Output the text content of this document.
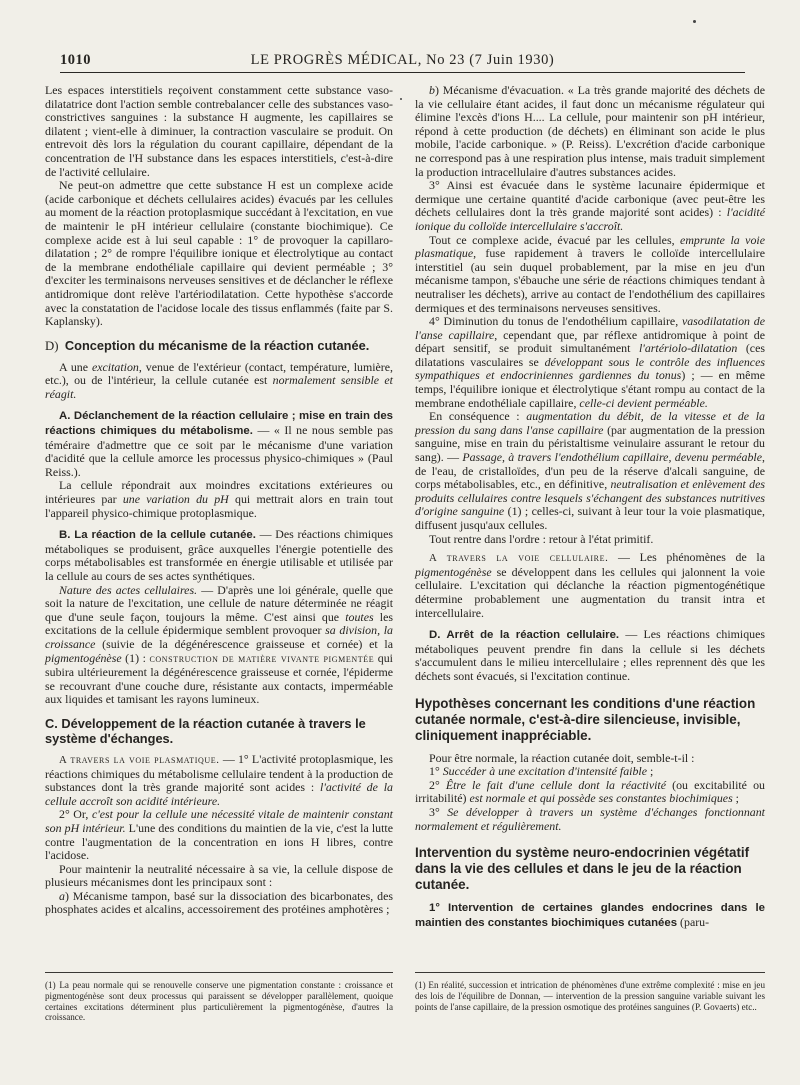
1010	LE PROGRÈS MÉDICAL, No 23 (7 Juin 1930)

Les espaces interstitiels reçoivent constamment cette substance vaso-dilatatrice dont l'action semble contrebalancer celle des substances vaso-constrictives sanguines : la substance H augmente, les capillaires se dilatent ; vient-elle à diminuer, la contraction vasculaire se produit. On entrevoit dès lors la régulation du courant capillaire, dépendant de la concentration de l'H substance dans les espaces interstitiels, c'est-à-dire de l'activité cellulaire.

Ne peut-on admettre que cette substance H est un complexe acide (acide carbonique et déchets cellulaires acides) évacués par les cellules au moment de la réaction protoplasmique succédant à l'excitation, en vue de maintenir le pH intérieur cellulaire (constante biochimique). Ce complexe acide est à lui seul capable : 1° de provoquer la capillaro-dilatation ; 2° de rompre l'équilibre ionique et électrolytique au contact de la membrane endothéliale capillaire qui devient perméable ; 3° d'exciter les terminaisons nerveuses sensitives et de déclancher le réflexe antidromique dont relève l'artériodilatation. Cette hypothèse s'accorde avec la constatation de l'acidose locale des tissus enflammés (faite par S. Kaplansky).

D) Conception du mécanisme de la réaction cutanée.

A une excitation, venue de l'extérieur (contact, température, lumière, etc.), ou de l'intérieur, la cellule cutanée est normalement sensible et réagit.

A. Déclanchement de la réaction cellulaire ; mise en train des réactions chimiques du métabolisme. — « Il ne nous semble pas téméraire d'admettre que ce soit par le mécanisme d'une variation d'acidité que la cellule amorce les processus physico-chimiques » (Paul Reiss.).

La cellule répondrait aux moindres excitations extérieures ou intérieures par une variation du pH qui mettrait alors en train tout l'appareil physico-chimique protoplasmique.

B. La réaction de la cellule cutanée. — Des réactions chimiques métaboliques se produisent, grâce auxquelles l'énergie potentielle des corps métabolisables est transformée en énergie utilisable et utilisée par la cellule au cours de ses actes synthétiques.

Nature des actes cellulaires. — D'après une loi générale, quelle que soit la nature de l'excitation, une cellule de nature déterminée ne réagit que d'une seule façon, toujours la même. C'est ainsi que toutes les excitations de la cellule épidermique semblent provoquer sa division, la croissance (suivie de la dégénérescence graisseuse et cornée) et la pigmentogénèse (1) : construction de matière vivante pigmentée qui subira ultérieurement la dégénérescence graisseuse et cornée, l'épiderme se recouvrant d'une couche dure, résistante aux contacts, imperméable aux liquides et tamisant les rayons lumineux.

C. Développement de la réaction cutanée à travers le système d'échanges.

A travers la voie plasmatique. — 1° L'activité protoplasmique, les réactions chimiques du métabolisme cellulaire tendent à la production de substances dont la très grande majorité sont acides : l'activité de la cellule accroît son acidité intérieure.

2° Or, c'est pour la cellule une nécessité vitale de maintenir constant son pH intérieur. L'une des conditions du maintien de la vie, c'est la lutte contre l'augmentation de la concentration en ions H libres, contre l'acidose.

Pour maintenir la neutralité nécessaire à sa vie, la cellule dispose de plusieurs mécanismes dont les principaux sont :

a) Mécanisme tampon, basé sur la dissociation des bicarbonates, des phosphates acides et alcalins, accessoirement des protéines amphotères ;

b) Mécanisme d'évacuation. « La très grande majorité des déchets de la vie cellulaire étant acides, il faut donc un mécanisme régulateur qui élimine l'excès d'ions H.... La cellule, pour maintenir son pH intérieur, répond à cette production (de déchets) en éliminant son acide le plus mobile, l'acide carbonique. » (P. Reiss). L'excrétion d'acide carbonique ne correspond pas à une respiration plus intense, mais traduit simplement la production intracellulaire d'autres substances acides.

3° Ainsi est évacuée dans le système lacunaire épidermique et dermique une certaine quantité d'acide carbonique (avec peut-être les déchets cellulaires dont la très grande majorité sont acides) : l'acidité ionique du colloïde intercellulaire s'accroît.

Tout ce complexe acide, évacué par les cellules, emprunte la voie plasmatique, fuse rapidement à travers le colloïde intercellulaire interstitiel (au sein duquel probablement, par la mise en jeu d'un mécanisme tampon, s'ébauche une série de réactions chimiques tendant à neutraliser les déchets), arrive au contact de l'endothélium des capillaires dermiques et des terminaisons nerveuses sensitives.

4° Diminution du tonus de l'endothélium capillaire, vasodilatation de l'anse capillaire, cependant que, par réflexe antidromique à point de départ sensitif, se produit simultanément l'artériolo-dilatation (ces dilatations vasculaires se développant sous le contrôle des influences sympathiques et endocriniennes gardiennes du tonus) ; — en même temps, l'équilibre ionique et électrolytique s'étant rompu au contact de la membrane endothéliale capillaire, celle-ci devient perméable.

En conséquence : augmentation du débit, de la vitesse et de la pression du sang dans l'anse capillaire (par augmentation de la pression sanguine, mise en train du péristaltisme veinulaire assurant le retour du sang). — Passage, à travers l'endothélium capillaire, devenu perméable, de l'eau, de cristalloïdes, d'un peu de la réserve d'alcali sanguine, de corps métabolisables, etc., en définitive, neutralisation et enlèvement des produits cellulaires contre lesquels s'échangent des substances nutritives d'origine sanguine (1) ; celles-ci, suivant à leur tour la voie plasmatique, diffusent jusqu'aux cellules.

Tout rentre dans l'ordre : retour à l'état primitif.

A travers la voie cellulaire. — Les phénomènes de la pigmentogénèse se développent dans les cellules qui jalonnent la voie cellulaire. L'excitation qui déclanche la réaction pigmentogénétique détermine probablement une augmentation du transit intra et intercellulaire.

D. Arrêt de la réaction cellulaire. — Les réactions chimiques métaboliques peuvent prendre fin dans la cellule si les déchets s'accumulent dans le milieu intercellulaire ; elles reprennent dès que les déchets sont évacués, si l'excitation continue.

Hypothèses concernant les conditions d'une réaction cutanée normale, c'est-à-dire silencieuse, invisible, cliniquement inappréciable.

Pour être normale, la réaction cutanée doit, semble-t-il :

1° Succéder à une excitation d'intensité faible ;

2° Être le fait d'une cellule dont la réactivité (ou excitabilité ou irritabilité) est normale et qui possède ses constantes biochimiques ;

3° Se développer à travers un système d'échanges fonctionnant normalement et régulièrement.

Intervention du système neuro-endocrinien végétatif dans la vie des cellules et dans le jeu de la réaction cutanée.

1° Intervention de certaines glandes endocrines dans le maintien des constantes biochimiques cutanées (paru-

(1) La peau normale qui se renouvelle conserve une pigmentation constante : croissance et pigmentogénèse sont deux processus qui paraissent se développer parallèlement, quoique certaines excitations déterminent plus particulièrement la pigmentogénèse, d'autres la croissance.
(1) En réalité, succession et intrication de phénomènes d'une extrême complexité : mise en jeu des lois de l'équilibre de Donnan, — intervention de la pression sanguine variable suivant les points de l'anse capillaire, de la pression osmotique des protéines sanguines (P. Govaerts) etc..
